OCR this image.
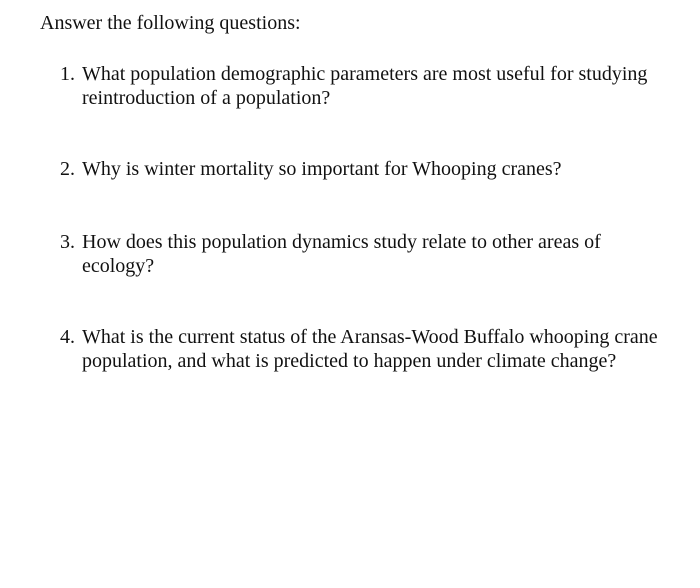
Answer the following questions:
1. What population demographic parameters are most useful for studying reintroduction of a population?
2. Why is winter mortality so important for Whooping cranes?
3. How does this population dynamics study relate to other areas of ecology?
4. What is the current status of the Aransas-Wood Buffalo whooping crane population, and what is predicted to happen under climate change?
